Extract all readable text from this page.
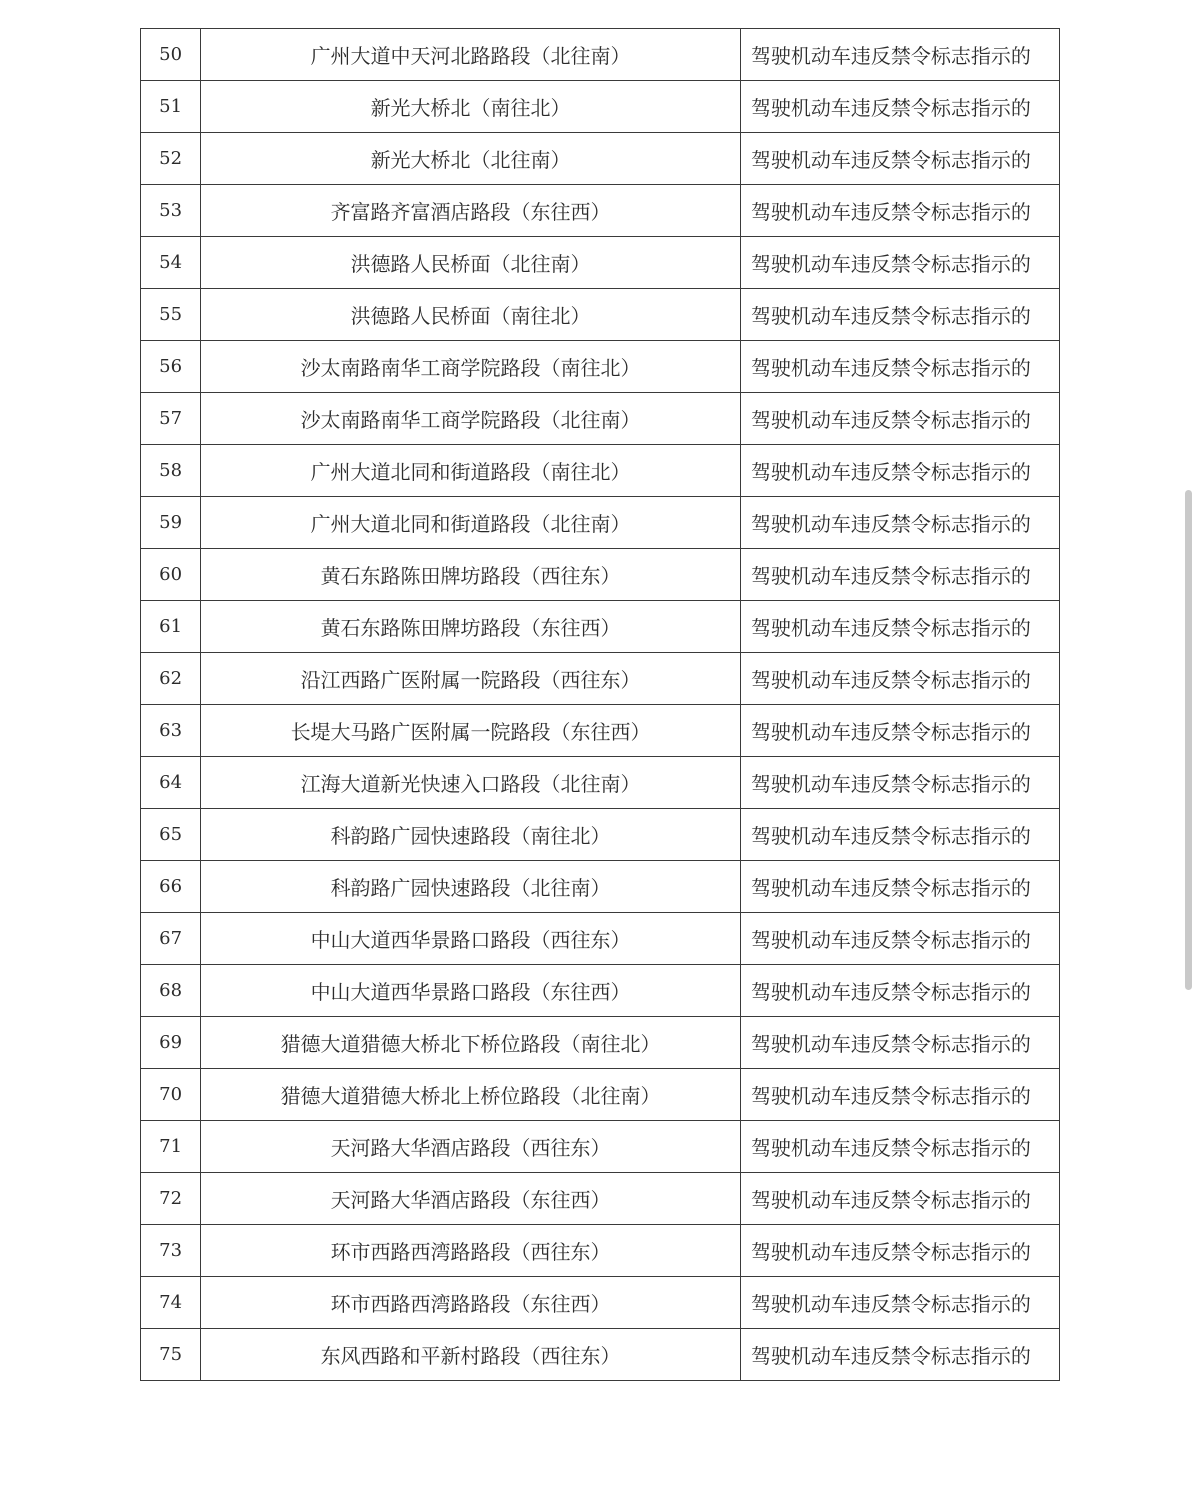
50	广州大道中天河北路路段（北往南）	驾驶机动车违反禁令标志指示的
51	新光大桥北（南往北）	驾驶机动车违反禁令标志指示的
52	新光大桥北（北往南）	驾驶机动车违反禁令标志指示的
53	齐富路齐富酒店路段（东往西）	驾驶机动车违反禁令标志指示的
54	洪德路人民桥面（北往南）	驾驶机动车违反禁令标志指示的
55	洪德路人民桥面（南往北）	驾驶机动车违反禁令标志指示的
56	沙太南路南华工商学院路段（南往北）	驾驶机动车违反禁令标志指示的
57	沙太南路南华工商学院路段（北往南）	驾驶机动车违反禁令标志指示的
58	广州大道北同和街道路段（南往北）	驾驶机动车违反禁令标志指示的
59	广州大道北同和街道路段（北往南）	驾驶机动车违反禁令标志指示的
60	黄石东路陈田牌坊路段（西往东）	驾驶机动车违反禁令标志指示的
61	黄石东路陈田牌坊路段（东往西）	驾驶机动车违反禁令标志指示的
62	沿江西路广医附属一院路段（西往东）	驾驶机动车违反禁令标志指示的
63	长堤大马路广医附属一院路段（东往西）	驾驶机动车违反禁令标志指示的
64	江海大道新光快速入口路段（北往南）	驾驶机动车违反禁令标志指示的
65	科韵路广园快速路段（南往北）	驾驶机动车违反禁令标志指示的
66	科韵路广园快速路段（北往南）	驾驶机动车违反禁令标志指示的
67	中山大道西华景路口路段（西往东）	驾驶机动车违反禁令标志指示的
68	中山大道西华景路口路段（东往西）	驾驶机动车违反禁令标志指示的
69	猎德大道猎德大桥北下桥位路段（南往北）	驾驶机动车违反禁令标志指示的
70	猎德大道猎德大桥北上桥位路段（北往南）	驾驶机动车违反禁令标志指示的
71	天河路大华酒店路段（西往东）	驾驶机动车违反禁令标志指示的
72	天河路大华酒店路段（东往西）	驾驶机动车违反禁令标志指示的
73	环市西路西湾路路段（西往东）	驾驶机动车违反禁令标志指示的
74	环市西路西湾路路段（东往西）	驾驶机动车违反禁令标志指示的
75	东风西路和平新村路段（西往东）	驾驶机动车违反禁令标志指示的
